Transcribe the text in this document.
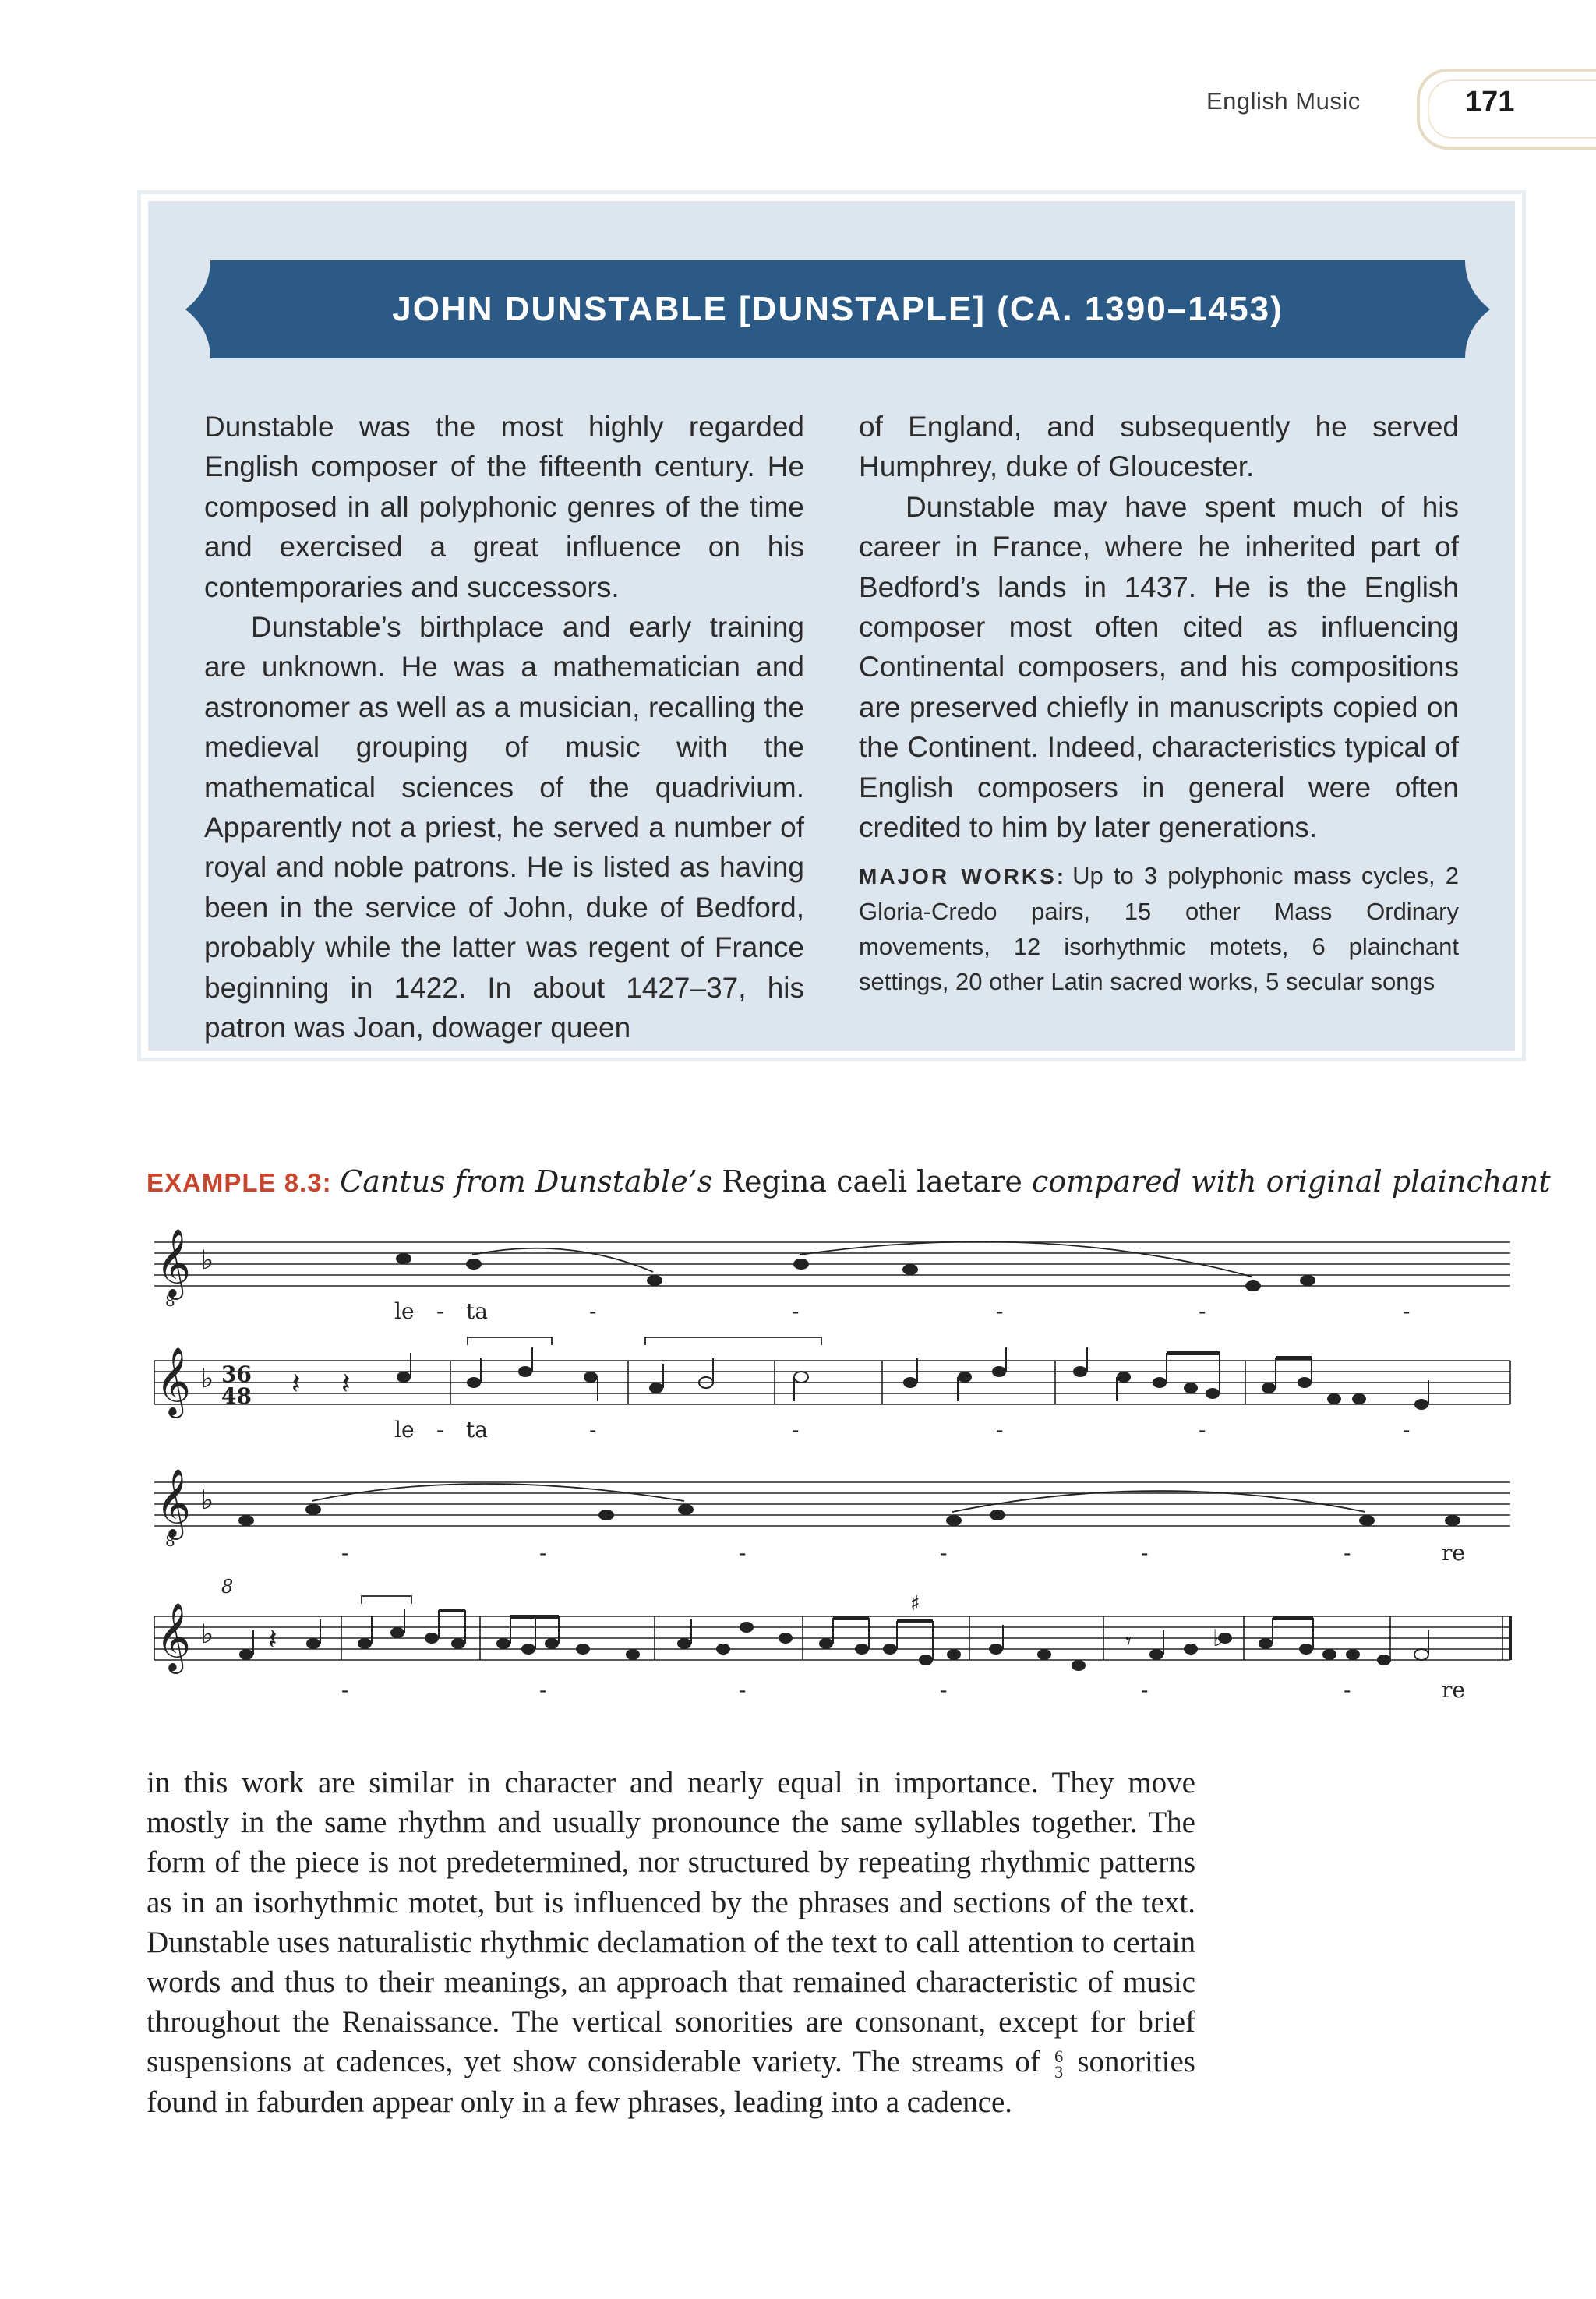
English Music	171
JOHN DUNSTABLE [DUNSTAPLE] (CA. 1390–1453)

Dunstable was the most highly regarded English composer of the fifteenth century. He composed in all polyphonic genres of the time and exercised a great influence on his contemporaries and successors.

Dunstable’s birthplace and early training are unknown. He was a mathematician and astronomer as well as a musician, recalling the medieval grouping of music with the mathematical sciences of the quadrivium. Apparently not a priest, he served a number of royal and noble patrons. He is listed as having been in the service of John, duke of Bedford, probably while the latter was regent of France beginning in 1422. In about 1427–37, his patron was Joan, dowager queen

of England, and subsequently he served Humphrey, duke of Gloucester.

Dunstable may have spent much of his career in France, where he inherited part of Bedford’s lands in 1437. He is the English composer most often cited as influencing Continental composers, and his compositions are preserved chiefly in manuscripts copied on the Continent. Indeed, characteristics typical of English composers in general were often credited to him by later generations.

MAJOR WORKS: Up to 3 polyphonic mass cycles, 2 Gloria-Credo pairs, 15 other Mass Ordinary movements, 12 isorhythmic motets, 6 plainchant settings, 20 other Latin sacred works, 5 secular songs

EXAMPLE 8.3: Cantus from Dunstable’s Regina caeli laetare compared with original plainchant
𝄞
𝄞
8
♭
♭ 36
48
le - ta	-	-	-	-	-
𝄽 𝄽
le - ta	-	-	-	-	-
𝄞
𝄞
8
♭
♭
8
-	-	-	-	-	-	re
♯
♭
𝄽	𝄾
-	-	-	-	-	-	re

in this work are similar in character and nearly equal in importance. They move mostly in the same rhythm and usually pronounce the same syllables together. The form of the piece is not predetermined, nor structured by repeating rhythmic patterns as in an isorhythmic motet, but is influenced by the phrases and sections of the text. Dunstable uses naturalistic rhythmic declamation of the text to call attention to certain words and thus to their meanings, an approach that remained characteristic of music throughout the Renaissance. The vertical sonorities are consonant, except for brief suspensions at cadences, yet show considerable variety. The streams of 6
3 sonorities found in faburden appear only in a few phrases, leading into a cadence.
